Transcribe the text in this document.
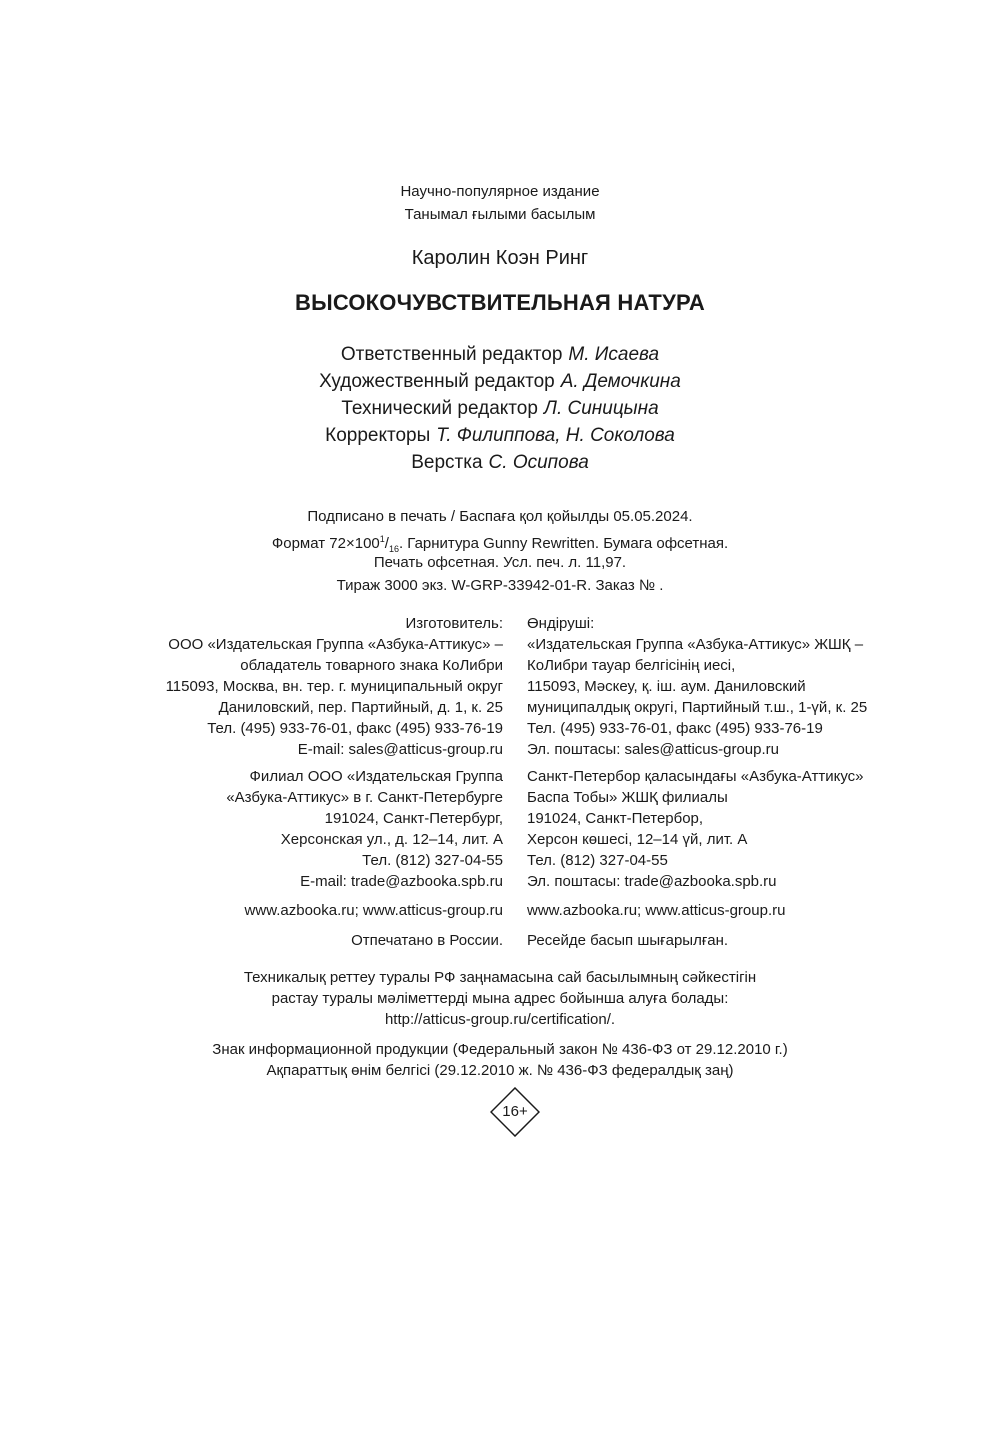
Научно-популярное издание
Танымал ғылыми басылым
Каролин Коэн Ринг
ВЫСОКОЧУВСТВИТЕЛЬНАЯ НАТУРА
Ответственный редактор М. Исаева
Художественный редактор А. Демочкина
Технический редактор Л. Синицына
Корректоры Т. Филиппова, Н. Соколова
Верстка С. Осипова
Подписано в печать / Баспаға қол қойылды 05.05.2024.
Формат $72\times 100^1/_{16}$. Гарнитура Gunny Rewritten. Бумага офсетная.
Печать офсетная. Усл. печ. л. 11,97.
Тираж 3000 экз. W-GRP-33942-01-R. Заказ № .
Изготовитель:
ООО «Издательская Группа «Азбука-Аттикус» –
обладатель товарного знака КоЛибри
115093, Москва, вн. тер. г. муниципальный округ
Даниловский, пер. Партийный, д. 1, к. 25
Тел. (495) 933-76-01, факс (495) 933-76-19
E-mail: sales@atticus-group.ru
Өндіруші:
«Издательская Группа «Азбука-Аттикус» ЖШҚ –
КоЛибри тауар белгісінің иесі,
115093, Мәскеу, қ. іш. аум. Даниловский
муниципалдық округі, Партийный т.ш., 1-үй, к. 25
Тел. (495) 933-76-01, факс (495) 933-76-19
Эл. поштасы: sales@atticus-group.ru
Филиал ООО «Издательская Группа
«Азбука-Аттикус» в г. Санкт-Петербурге
191024, Санкт-Петербург,
Херсонская ул., д. 12–14, лит. А
Тел. (812) 327-04-55
E-mail: trade@azbooka.spb.ru
Санкт-Петербор қаласындағы «Азбука-Аттикус»
Баспа Тобы» ЖШҚ филиалы
191024, Санкт-Петербор,
Херсон көшесі, 12–14 үй, лит. А
Тел. (812) 327-04-55
Эл. поштасы: trade@azbooka.spb.ru
www.azbooka.ru; www.atticus-group.ru www.azbooka.ru; www.atticus-group.ru
Отпечатано в России. Ресейде басып шығарылған.
Техникалық реттеу туралы РФ заңнамасына сай басылымның сәйкестігін
растау туралы мәліметтерді мына адрес бойынша алуға болады:
http://atticus-group.ru/certification/.
Знак информационной продукции (Федеральный закон № 436-ФЗ от 29.12.2010 г.)
Ақпараттық өнім белгісі (29.12.2010 ж. № 436-ФЗ федералдық заң)
16+
